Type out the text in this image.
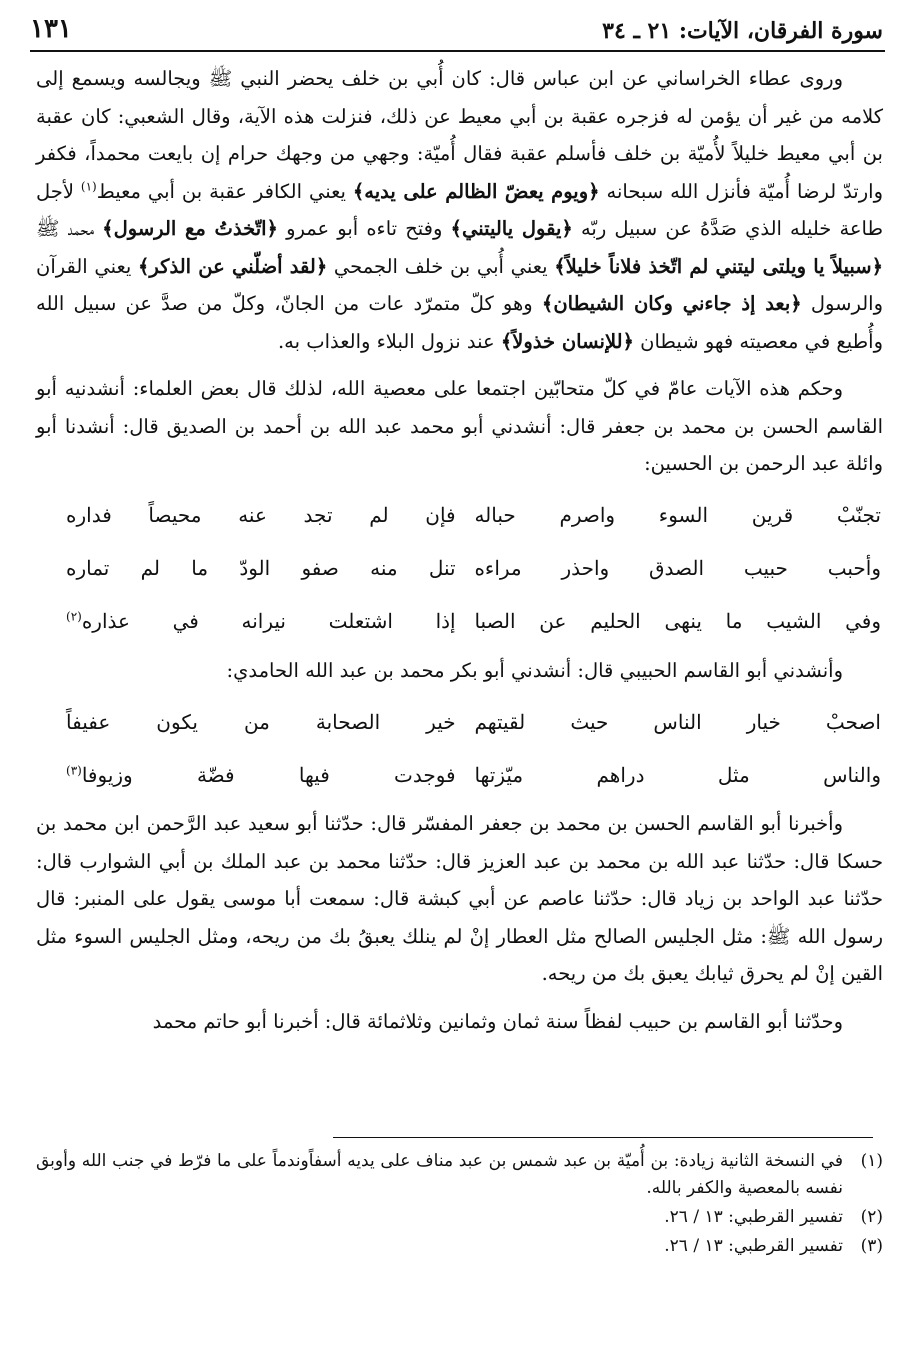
سورة الفرقان، الآيات: ٢١ ـ ٣٤
١٣١

وروى عطاء الخراساني عن ابن عباس قال: كان أُبي بن خلف يحضر النبي ﷺ ويجالسه ويسمع إلى كلامه من غير أن يؤمن له فزجره عقبة بن أبي معيط عن ذلك، فنزلت هذه الآية، وقال الشعبي: كان عقبة بن أبي معيط خليلاً لأُميّة بن خلف فأسلم عقبة فقال أُميّة: وجهي من وجهك حرام إن بايعت محمداً، فكفر وارتدّ لرضا أُميّة فأنزل الله سبحانه ﴿ويوم يعضّ الظالم على يديه﴾ يعني الكافر عقبة بن أبي معيط$^{(١)}$ لأجل طاعة خليله الذي صَدَّهُ عن سبيل ربّه ﴿يقول ياليتني﴾ وفتح تاءه أبو عمرو ﴿اتّخذتُ مع الرسول﴾ محمد ﷺ ﴿سبيلاً يا ويلتى ليتني لم اتّخذ فلاناً خليلاً﴾ يعني أُبي بن خلف الجمحي ﴿لقد أضلّني عن الذكر﴾ يعني القرآن والرسول ﴿بعد إذ جاءني وكان الشيطان﴾ وهو كلّ متمرّد عات من الجانّ، وكلّ من صدَّ عن سبيل الله وأُطيع في معصيته فهو شيطان ﴿للإنسان خذولاً﴾ عند نزول البلاء والعذاب به.

وحكم هذه الآيات عامّ في كلّ متحابّين اجتمعا على معصية الله، لذلك قال بعض العلماء: أنشدنيه أبو القاسم الحسن بن محمد بن جعفر قال: أنشدني أبو محمد عبد الله بن أحمد بن الصديق قال: أنشدنا أبو وائلة عبد الرحمن بن الحسين:

تجنّبْ قرين السوء واصرم حباله
فإن لم تجد عنه محيصاً فداره
وأحبب حبيب الصدق واحذر مراءه
تنل منه صفو الودّ ما لم تماره
وفي الشيب ما ينهى الحليم عن الصبا
إذا اشتعلت نيرانه في عذاره$^{(٢)}$

وأنشدني أبو القاسم الحبيبي قال: أنشدني أبو بكر محمد بن عبد الله الحامدي:

اصحبْ خيار الناس حيث لقيتهم
خير الصحابة من يكون عفيفاً
والناس مثل دراهم ميّزتها
فوجدت فيها فضّة وزيوفا$^{(٣)}$

وأخبرنا أبو القاسم الحسن بن محمد بن جعفر المفسّر قال: حدّثنا أبو سعيد عبد الرَّحمن ابن محمد بن حسكا قال: حدّثنا عبد الله بن محمد بن عبد العزيز قال: حدّثنا محمد بن عبد الملك بن أبي الشوارب قال: حدّثنا عبد الواحد بن زياد قال: حدّثنا عاصم عن أبي كبشة قال: سمعت أبا موسى يقول على المنبر: قال رسول الله ﷺ: مثل الجليس الصالح مثل العطار إنْ لم ينلك يعبقُ بك من ريحه، ومثل الجليس السوء مثل القين إنْ لم يحرق ثيابك يعبق بك من ريحه.

وحدّثنا أبو القاسم بن حبيب لفظاً سنة ثمان وثمانين وثلاثمائة قال: أخبرنا أبو حاتم محمد

(١)
في النسخة الثانية زيادة: بن أُميّة بن عبد شمس بن عبد مناف على يديه أسفاًوندماً على ما فرّط في جنب الله وأوبق نفسه بالمعصية والكفر بالله.
(٢)
تفسير القرطبي: ١٣ / ٢٦.
(٣)
تفسير القرطبي: ١٣ / ٢٦.
